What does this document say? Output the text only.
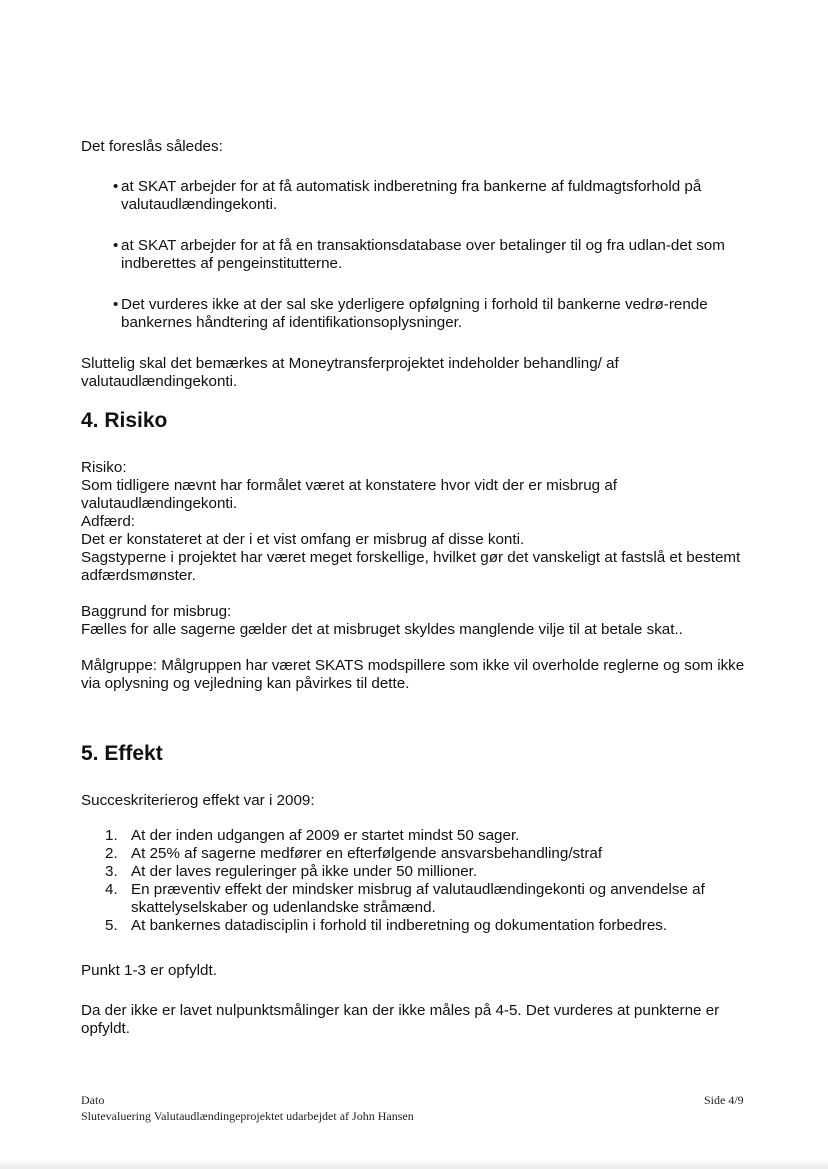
Det foreslås således:

• at SKAT arbejder for at få automatisk indberetning fra bankerne af fuldmagtsforhold på valutaudlændingekonti.
• at SKAT arbejder for at få en transaktionsdatabase over betalinger til og fra udlan-det som indberettes af pengeinstitutterne.
• Det vurderes ikke at der sal ske yderligere opfølgning i forhold til bankerne vedrø-rende bankernes håndtering af identifikationsoplysninger.

Sluttelig skal det bemærkes at Moneytransferprojektet indeholder behandling/ af valutaudlændingekonti.

4. Risiko

Risiko:

Som tidligere nævnt har formålet været at konstatere hvor vidt der er misbrug af valutaudlændingekonti.

Adfærd:

Det er konstateret at der i et vist omfang er misbrug af disse konti.

Sagstyperne i projektet har været meget forskellige, hvilket gør det vanskeligt at fastslå et bestemt adfærdsmønster.

Baggrund for misbrug:

Fælles for alle sagerne gælder det at misbruget skyldes manglende vilje til at betale skat..

Målgruppe: Målgruppen har været SKATS modspillere som ikke vil overholde reglerne og som ikke via oplysning og vejledning kan påvirkes til dette.

5. Effekt

Succeskriterierog effekt var i 2009:

1. At der inden udgangen af 2009 er startet mindst 50 sager.
2. At 25% af sagerne medfører en efterfølgende ansvarsbehandling/straf
3. At der laves reguleringer på ikke under 50 millioner.
4. En præventiv effekt der mindsker misbrug af valutaudlændingekonti og anvendelse af skattelyselskaber og udenlandske stråmænd.
5. At bankernes datadisciplin i forhold til indberetning og dokumentation forbedres.

Punkt 1-3 er opfyldt.

Da der ikke er lavet nulpunktsmålinger kan der ikke måles på 4-5. Det vurderes at punkterne er opfyldt.

Dato
Slutevaluering Valutaudlændingeprojektet udarbejdet af John Hansen
Side 4/9
